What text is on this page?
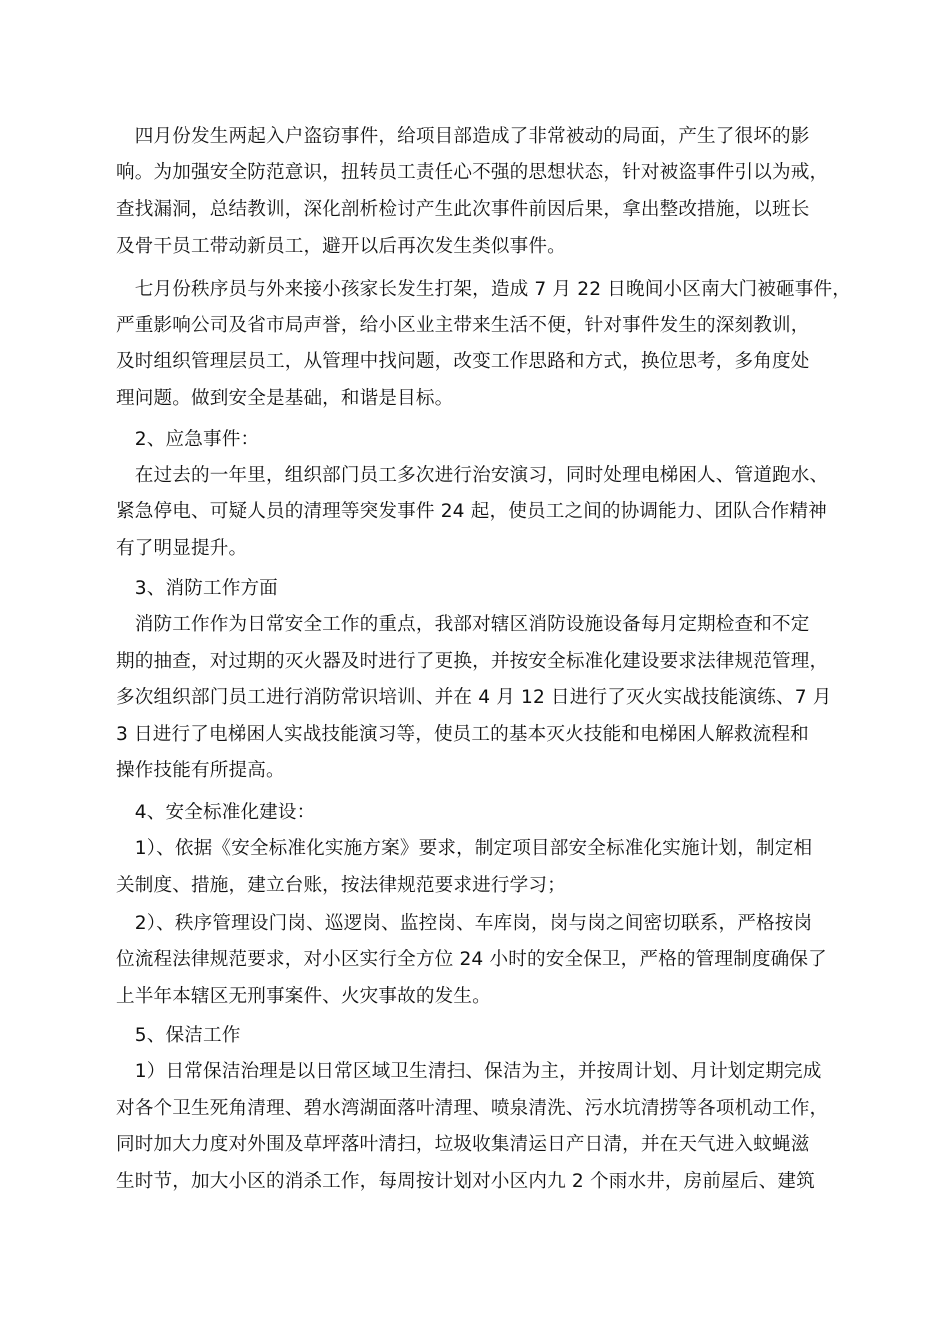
　四月份发生两起入户盗窃事件，给项目部造成了非常被动的局面，产生了很坏的影
响。为加强安全防范意识，扭转员工责任心不强的思想状态，针对被盗事件引以为戒，
查找漏洞，总结教训，深化剖析检讨产生此次事件前因后果，拿出整改措施，以班长
及骨干员工带动新员工，避开以后再次发生类似事件。
　七月份秩序员与外来接小孩家长发生打架，造成 7 月 22 日晚间小区南大门被砸事件，
严重影响公司及省市局声誉，给小区业主带来生活不便，针对事件发生的深刻教训，
及时组织管理层员工，从管理中找问题，改变工作思路和方式，换位思考，多角度处
理问题。做到安全是基础，和谐是目标。
　2、应急事件：
　在过去的一年里，组织部门员工多次进行治安演习，同时处理电梯困人、管道跑水、
紧急停电、可疑人员的清理等突发事件 24 起，使员工之间的协调能力、团队合作精神
有了明显提升。
　3、消防工作方面
　消防工作作为日常安全工作的重点，我部对辖区消防设施设备每月定期检查和不定
期的抽查，对过期的灭火器及时进行了更换，并按安全标准化建设要求法律规范管理，
多次组织部门员工进行消防常识培训、并在 4 月 12 日进行了灭火实战技能演练、7 月
3 日进行了电梯困人实战技能演习等，使员工的基本灭火技能和电梯困人解救流程和
操作技能有所提高。
　4、安全标准化建设：
　1）、依据《安全标准化实施方案》要求，制定项目部安全标准化实施计划，制定相
关制度、措施，建立台账，按法律规范要求进行学习；
　2）、秩序管理设门岗、巡逻岗、监控岗、车库岗，岗与岗之间密切联系，严格按岗
位流程法律规范要求，对小区实行全方位 24 小时的安全保卫，严格的管理制度确保了
上半年本辖区无刑事案件、火灾事故的发生。
　5、保洁工作
　1）日常保洁治理是以日常区域卫生清扫、保洁为主，并按周计划、月计划定期完成
对各个卫生死角清理、碧水湾湖面落叶清理、喷泉清洗、污水坑清捞等各项机动工作，
同时加大力度对外围及草坪落叶清扫，垃圾收集清运日产日清，并在天气进入蚊蝇滋
生时节，加大小区的消杀工作，每周按计划对小区内九 2 个雨水井，房前屋后、建筑
